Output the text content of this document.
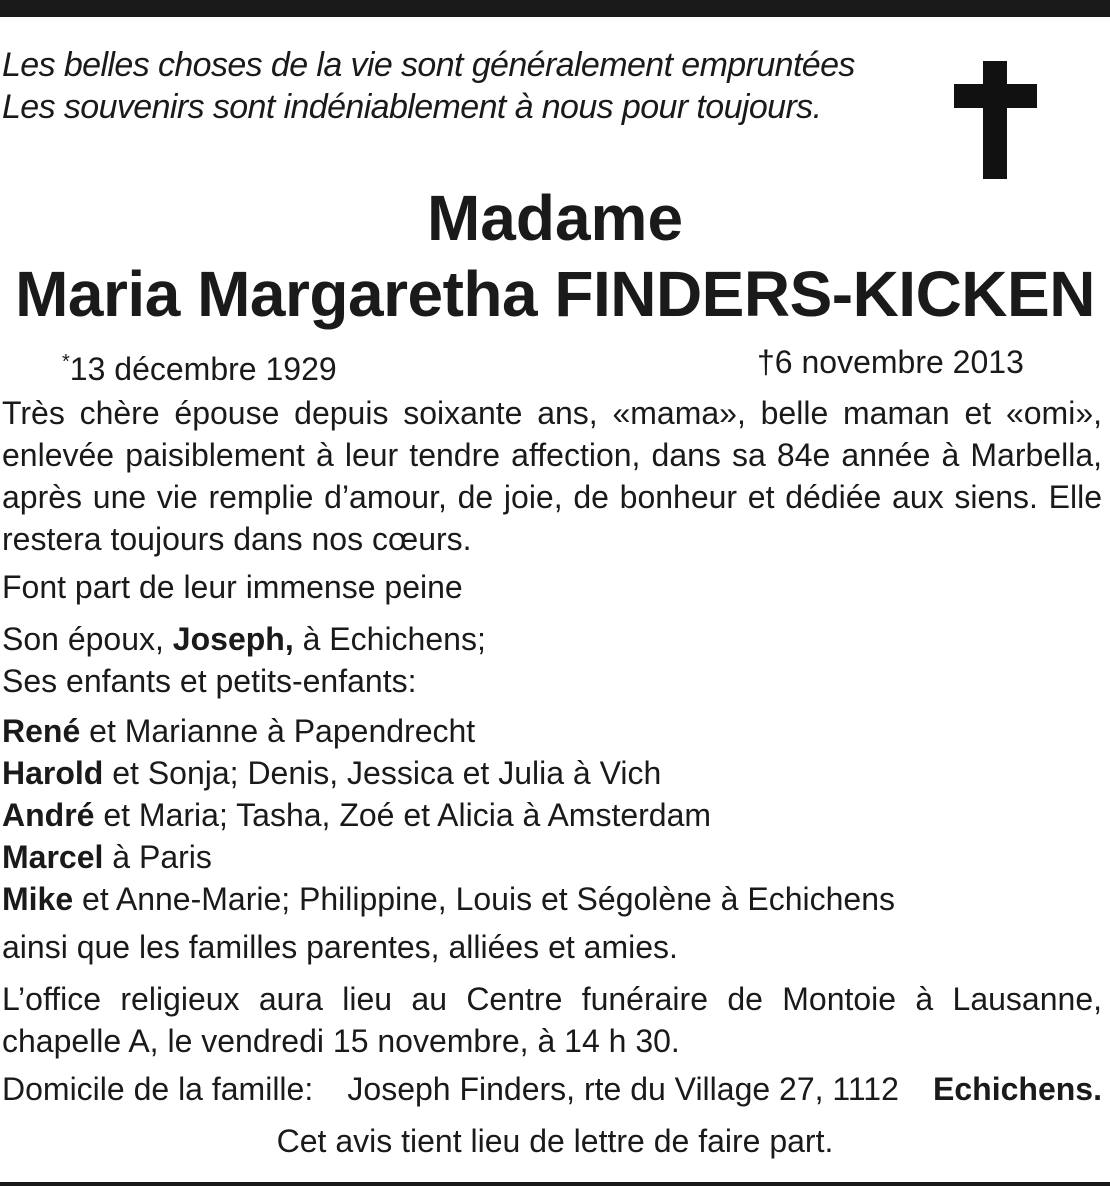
Les belles choses de la vie sont généralement empruntées
Les souvenirs sont indéniablement à nous pour toujours.
Madame
Maria Margaretha FINDERS-KICKEN
*13 décembre 1929	†6 novembre 2013
Très chère épouse depuis soixante ans, «mama», belle maman et «omi», enlevée paisiblement à leur tendre affection, dans sa 84e année à Marbella, après une vie remplie d’amour, de joie, de bonheur et dédiée aux siens. Elle restera toujours dans nos cœurs.
Font part de leur immense peine
Son époux, Joseph, à Echichens;
Ses enfants et petits-enfants:
René et Marianne à Papendrecht
Harold et Sonja; Denis, Jessica et Julia à Vich
André et Maria; Tasha, Zoé et Alicia à Amsterdam
Marcel à Paris
Mike et Anne-Marie; Philippine, Louis et Ségolène à Echichens
ainsi que les familles parentes, alliées et amies.
L’office religieux aura lieu au Centre funéraire de Montoie à Lausanne, chapelle A, le vendredi 15 novembre, à 14 h 30.
Domicile de la famille: Joseph Finders, rte du Village 27, 1112 Echichens.
Cet avis tient lieu de lettre de faire part.
